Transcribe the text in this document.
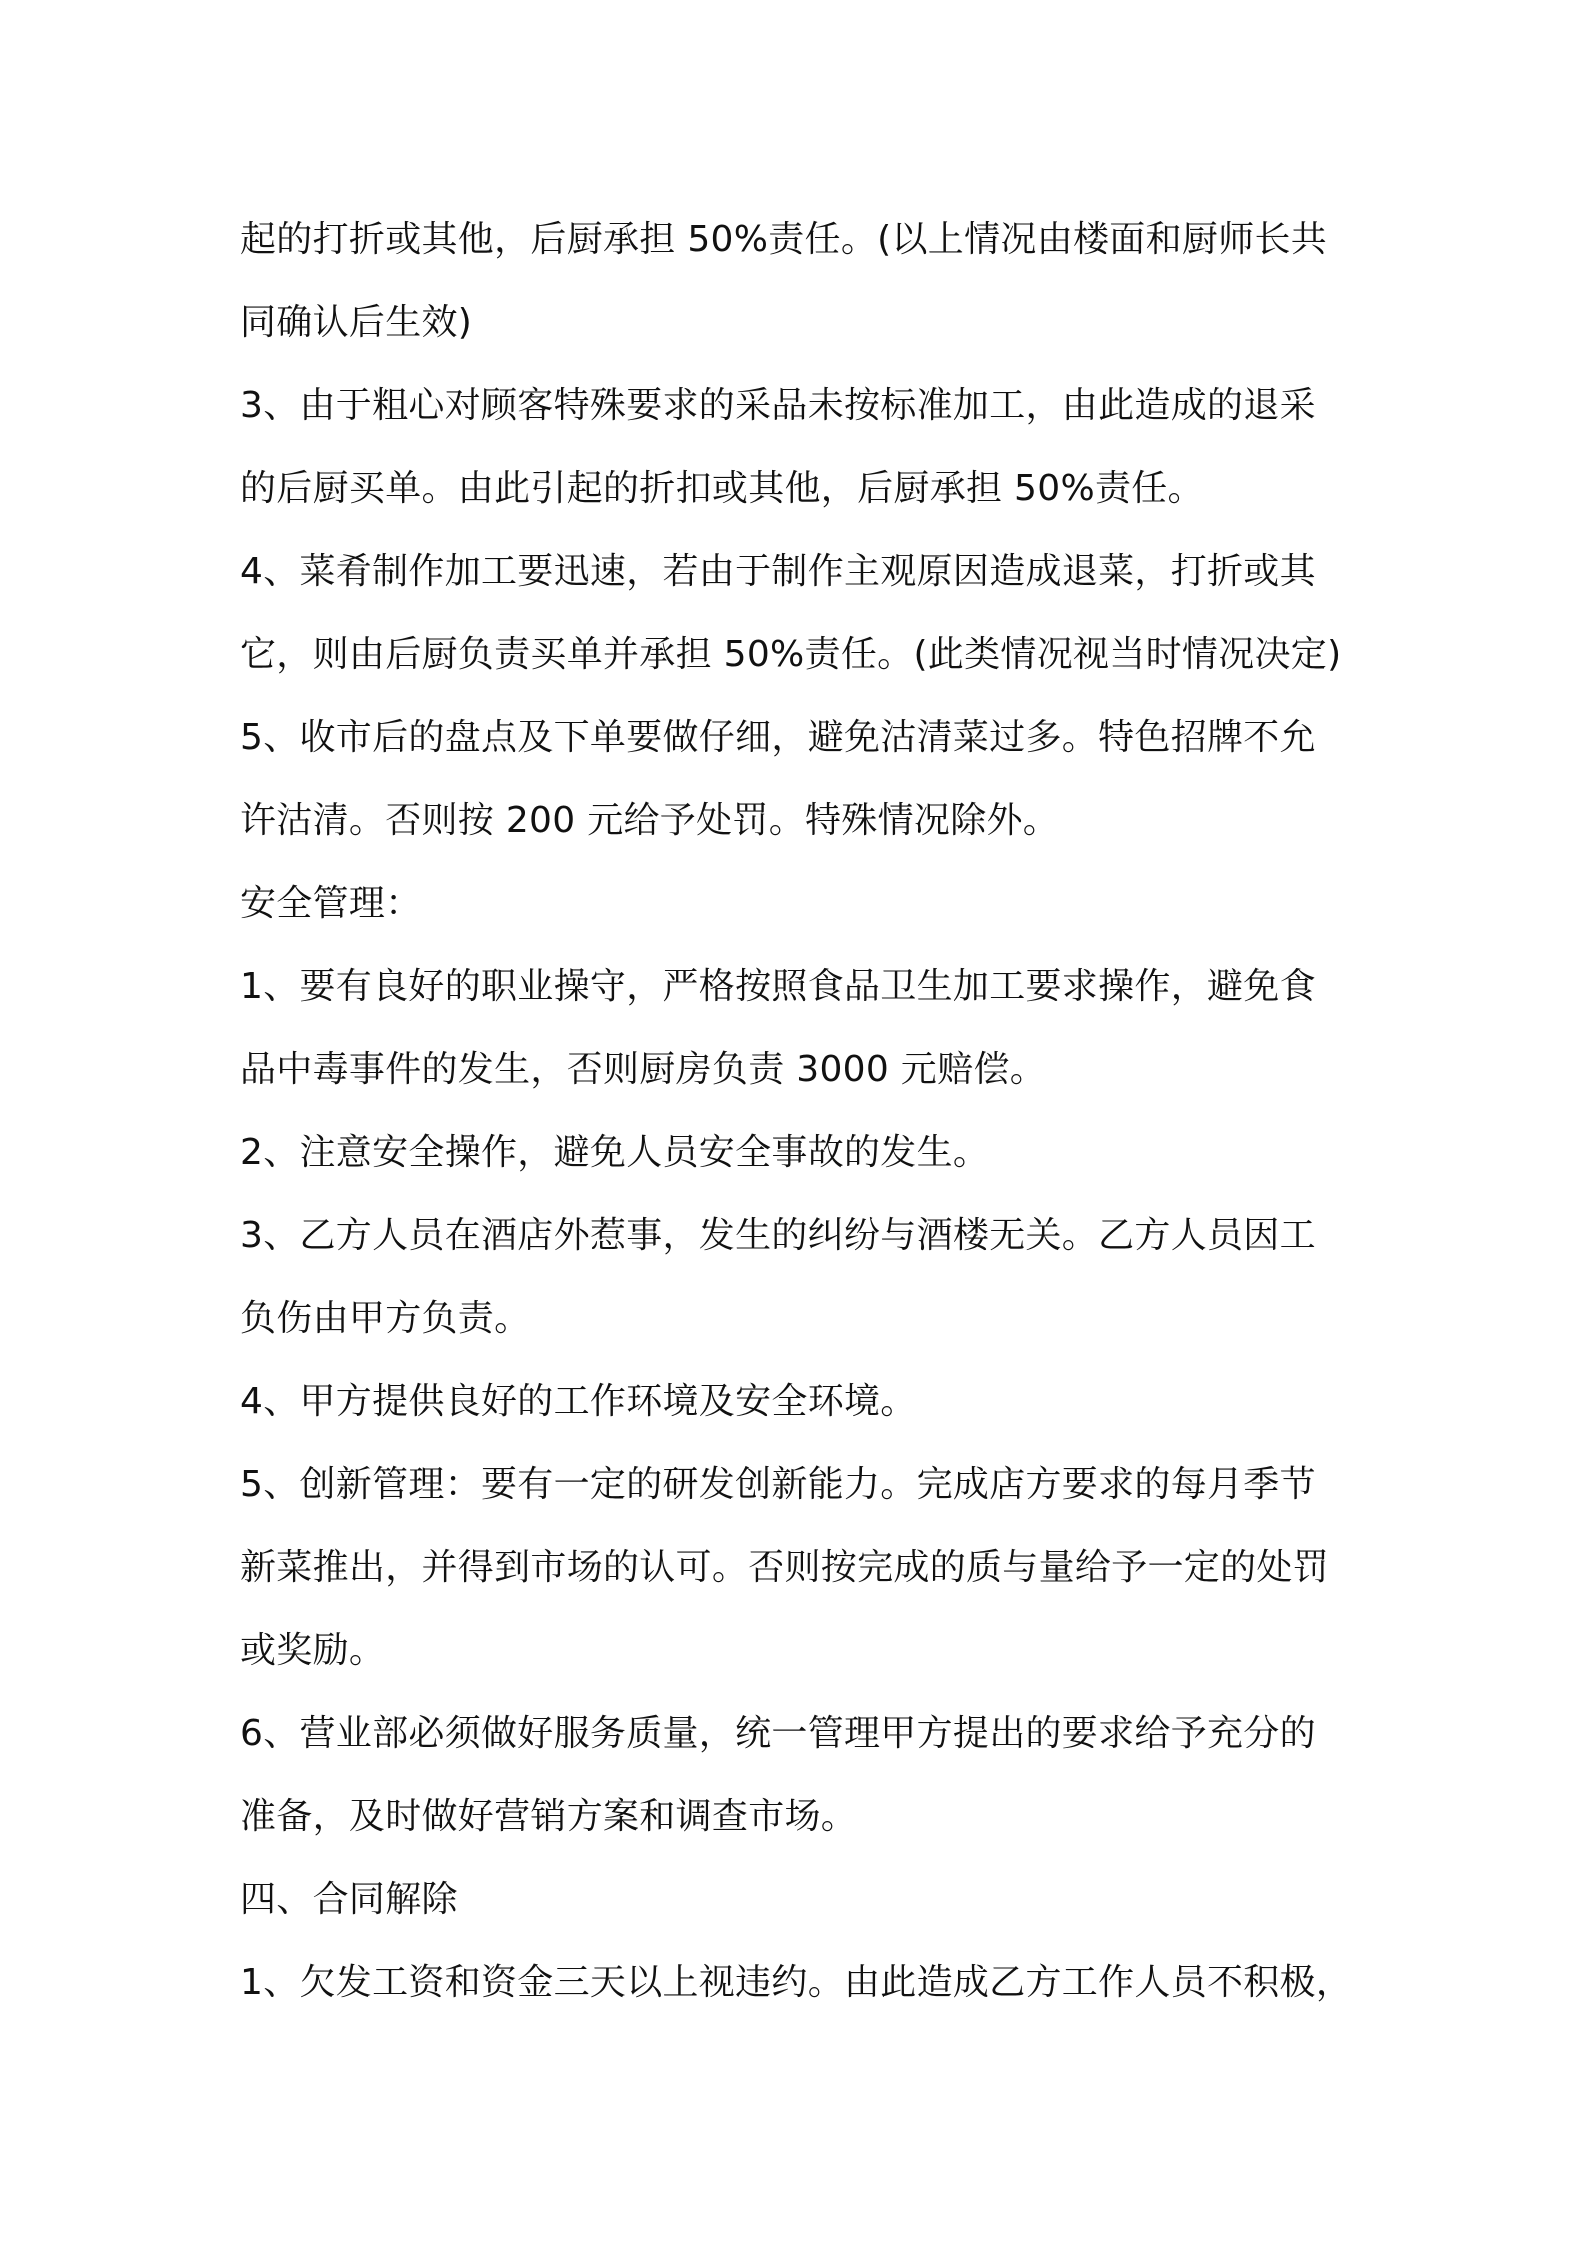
起的打折或其他，后厨承担 50%责任。(以上情况由楼面和厨师长共
同确认后生效)
3、由于粗心对顾客特殊要求的采品未按标准加工，由此造成的退采
的后厨买单。由此引起的折扣或其他，后厨承担 50%责任。
4、菜肴制作加工要迅速，若由于制作主观原因造成退菜，打折或其
它，则由后厨负责买单并承担 50%责任。(此类情况视当时情况决定)
5、收市后的盘点及下单要做仔细，避免沽清菜过多。特色招牌不允
许沽清。否则按 200 元给予处罚。特殊情况除外。
安全管理：
1、要有良好的职业操守，严格按照食品卫生加工要求操作，避免食
品中毒事件的发生，否则厨房负责 3000 元赔偿。
2、注意安全操作，避免人员安全事故的发生。
3、乙方人员在酒店外惹事，发生的纠纷与酒楼无关。乙方人员因工
负伤由甲方负责。
4、甲方提供良好的工作环境及安全环境。
5、创新管理：要有一定的研发创新能力。完成店方要求的每月季节
新菜推出，并得到市场的认可。否则按完成的质与量给予一定的处罚
或奖励。
6、营业部必须做好服务质量，统一管理甲方提出的要求给予充分的
准备，及时做好营销方案和调查市场。
四、合同解除
1、欠发工资和资金三天以上视违约。由此造成乙方工作人员不积极，
